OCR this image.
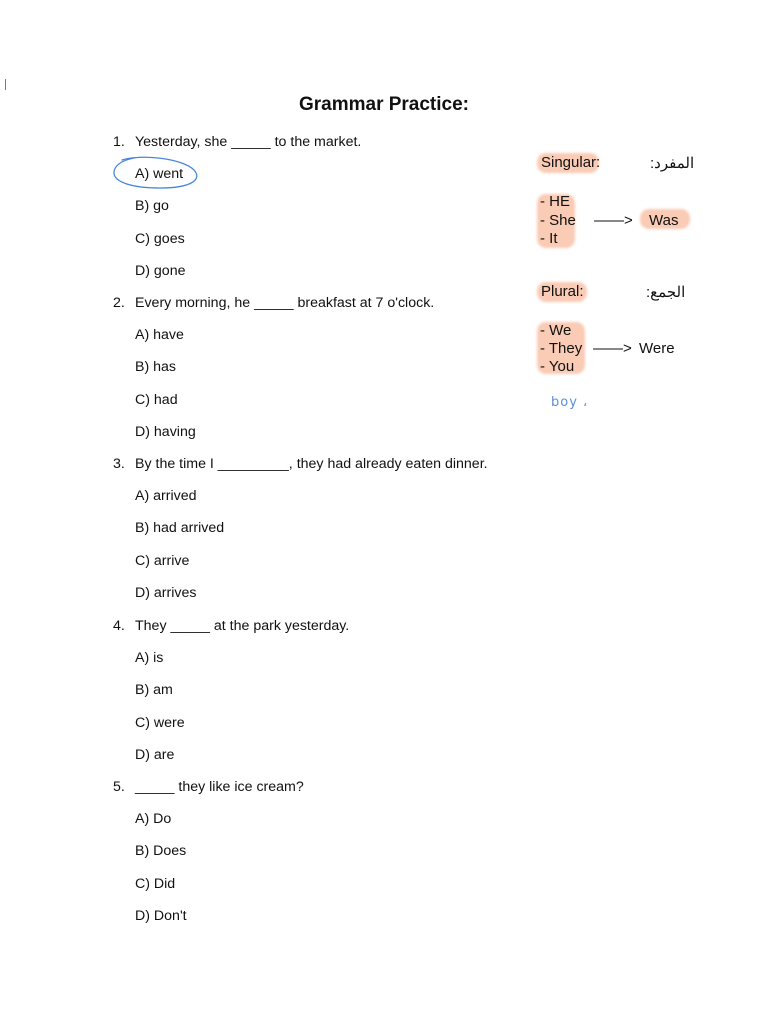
Grammar Practice:
1. Yesterday, she _____ to the market.
A) went
B) go
C) goes
D) gone
2. Every morning, he _____ breakfast at 7 o'clock.
A) have
B) has
C) had
D) having
3. By the time I _________, they had already eaten dinner.
A) arrived
B) had arrived
C) arrive
D) arrives
4. They _____ at the park yesterday.
A) is
B) am
C) were
D) are
5. _____ they like ice cream?
A) Do
B) Does
C) Did
D) Don't
Singular:	المفرد:
- HE
- She
- It
——> Was
Plural:	الجمع:
- We
- They
- You
——> Were
boy ،
